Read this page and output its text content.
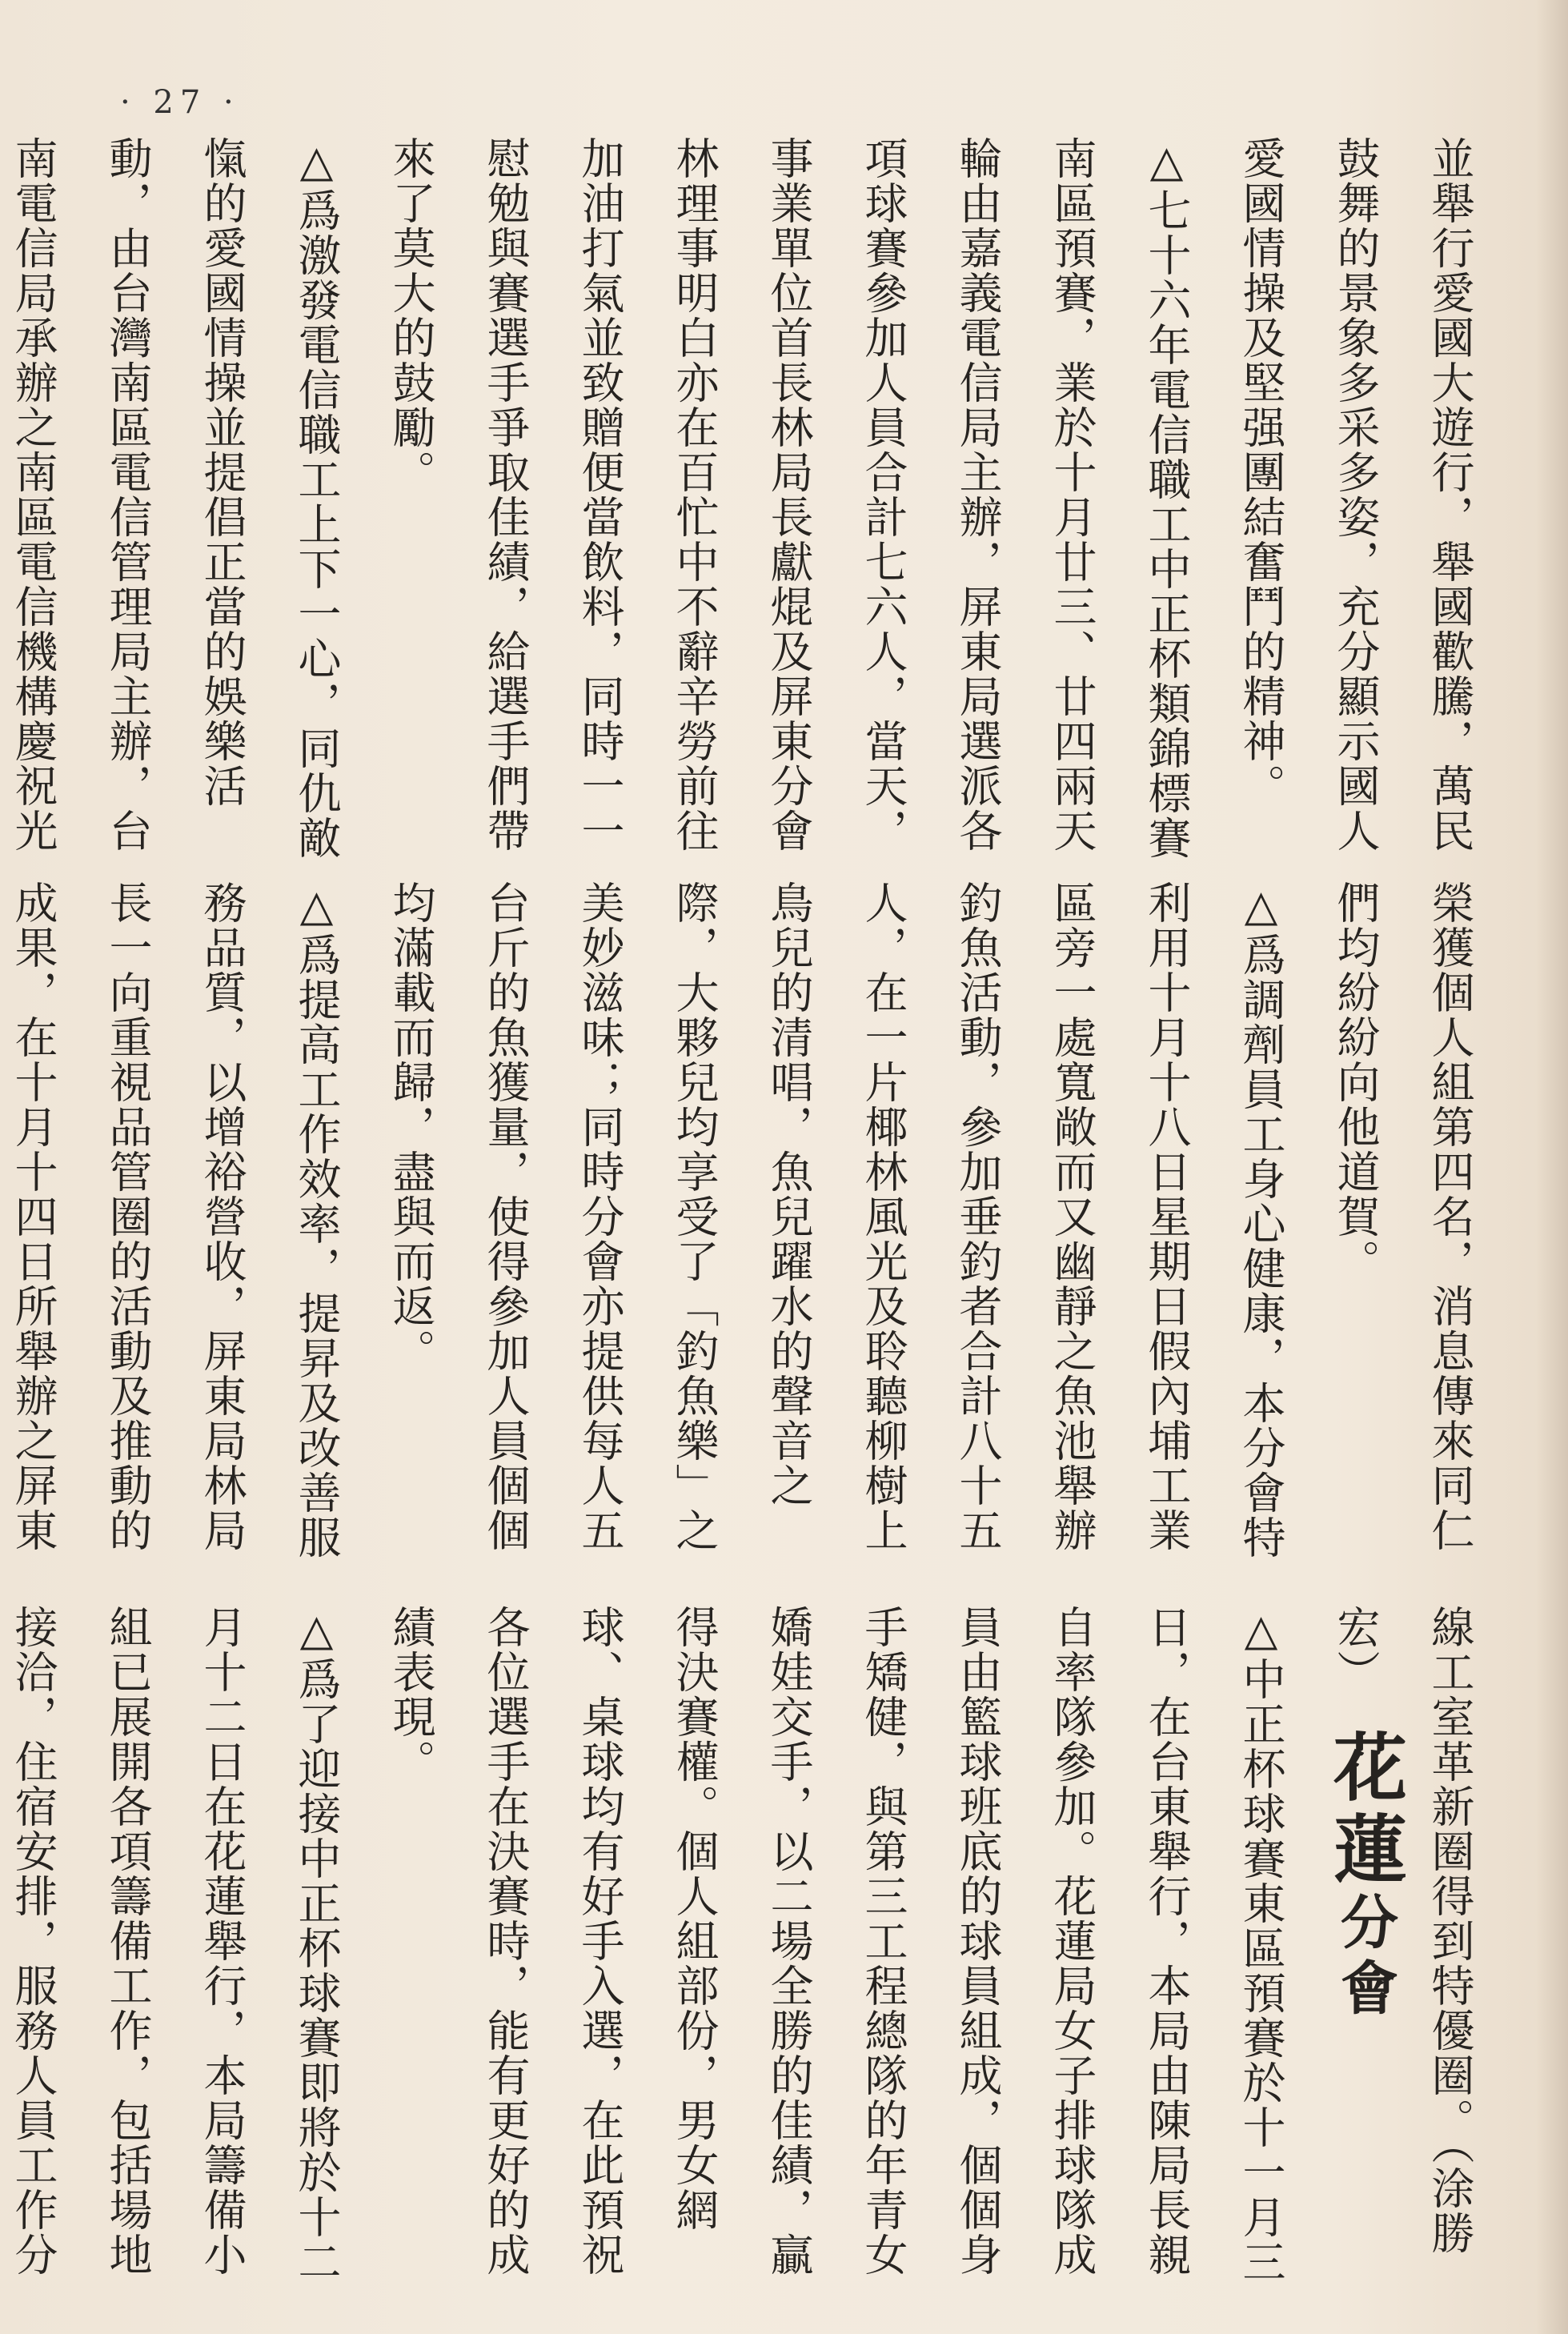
· 27 ·

並舉行愛國大遊行，舉國歡騰，萬民鼓舞的景象多采多姿，充分顯示國人愛國情操及堅强團結奮鬥的精神。

△七十六年電信職工中正杯類錦標賽南區預賽，業於十月廿三、廿四兩天輪由嘉義電信局主辦，屏東局選派各項球賽參加人員合計七六人，當天，事業單位首長林局長獻焜及屏東分會林理事明白亦在百忙中不辭辛勞前往加油打氣並致贈便當飲料，同時一一慰勉與賽選手爭取佳績，給選手們帶來了莫大的鼓勵。

△爲激發電信職工上下一心，同仇敵愾的愛國情操並提倡正當的娛樂活動，由台灣南區電信管理局主辦，台南電信局承辦之南區電信機構慶祝光

榮獲個人組第四名，消息傳來同仁們均紛紛向他道賀。

△爲調劑員工身心健康，本分會特利用十月十八日星期日假內埔工業區旁一處寬敞而又幽靜之魚池舉辦釣魚活動，參加垂釣者合計八十五人，在一片椰林風光及聆聽柳樹上鳥兒的清唱，魚兒躍水的聲音之際，大夥兒均享受了「釣魚樂」之美妙滋味；同時分會亦提供每人五台斤的魚獲量，使得參加人員個個均滿載而歸，盡與而返。

△爲提高工作效率，提昇及改善服務品質，以增裕營收，屏東局林局長一向重視品管圈的活動及推動的成果，在十月十四日所舉辦之屏東

線工室革新圈得到特優圈。（涂勝宏）

△中正杯球賽東區預賽於十一月三日，在台東舉行，本局由陳局長親自率隊參加。花蓮局女子排球隊成員由籃球班底的球員組成，個個身手矯健，與第三工程總隊的年青女嬌娃交手，以二場全勝的佳績，贏得決賽權。個人組部份，男女網球、桌球均有好手入選，在此預祝各位選手在決賽時，能有更好的成績表現。

△爲了迎接中正杯球賽即將於十二月十二日在花蓮舉行，本局籌備小組已展開各項籌備工作，包括場地接洽，住宿安排，服務人員工作分

花蓮分會
